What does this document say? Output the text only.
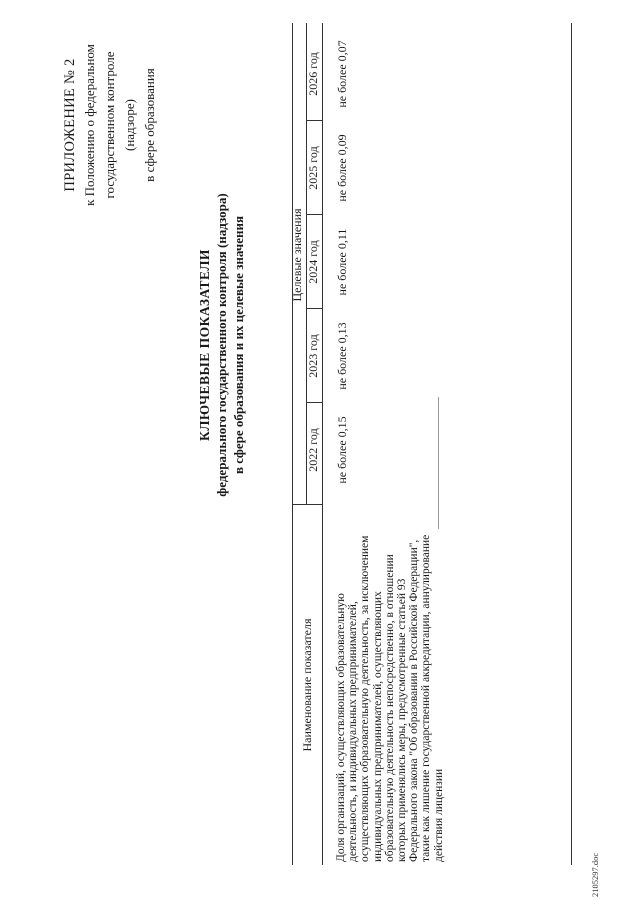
ПРИЛОЖЕНИЕ № 2 к Положению о федеральном государственном контроле (надзоре) в сфере образования
КЛЮЧЕВЫЕ ПОКАЗАТЕЛИ федерального государственного контроля (надзора) в сфере образования и их целевые значения
Наименование показателя
Целевые значения
2022 год
2023 год
2024 год
2025 год
2026 год
Доля организаций, осуществляющих образовательную деятельность, и индивидуальных предпринимателей, осуществляющих образовательную деятельность, за исключением индивидуальных предпринимателей, осуществляющих образовательную деятельность непосредственно, в отношении которых применялись меры, предусмотренные статьей 93 Федерального закона "Об образовании в Российской Федерации", такие как лишение государственной аккредитации, аннулирование действия лицензии
не более 0,15
не более 0,13
не более 0,11
не более 0,09
не более 0,07
2105297.doc
